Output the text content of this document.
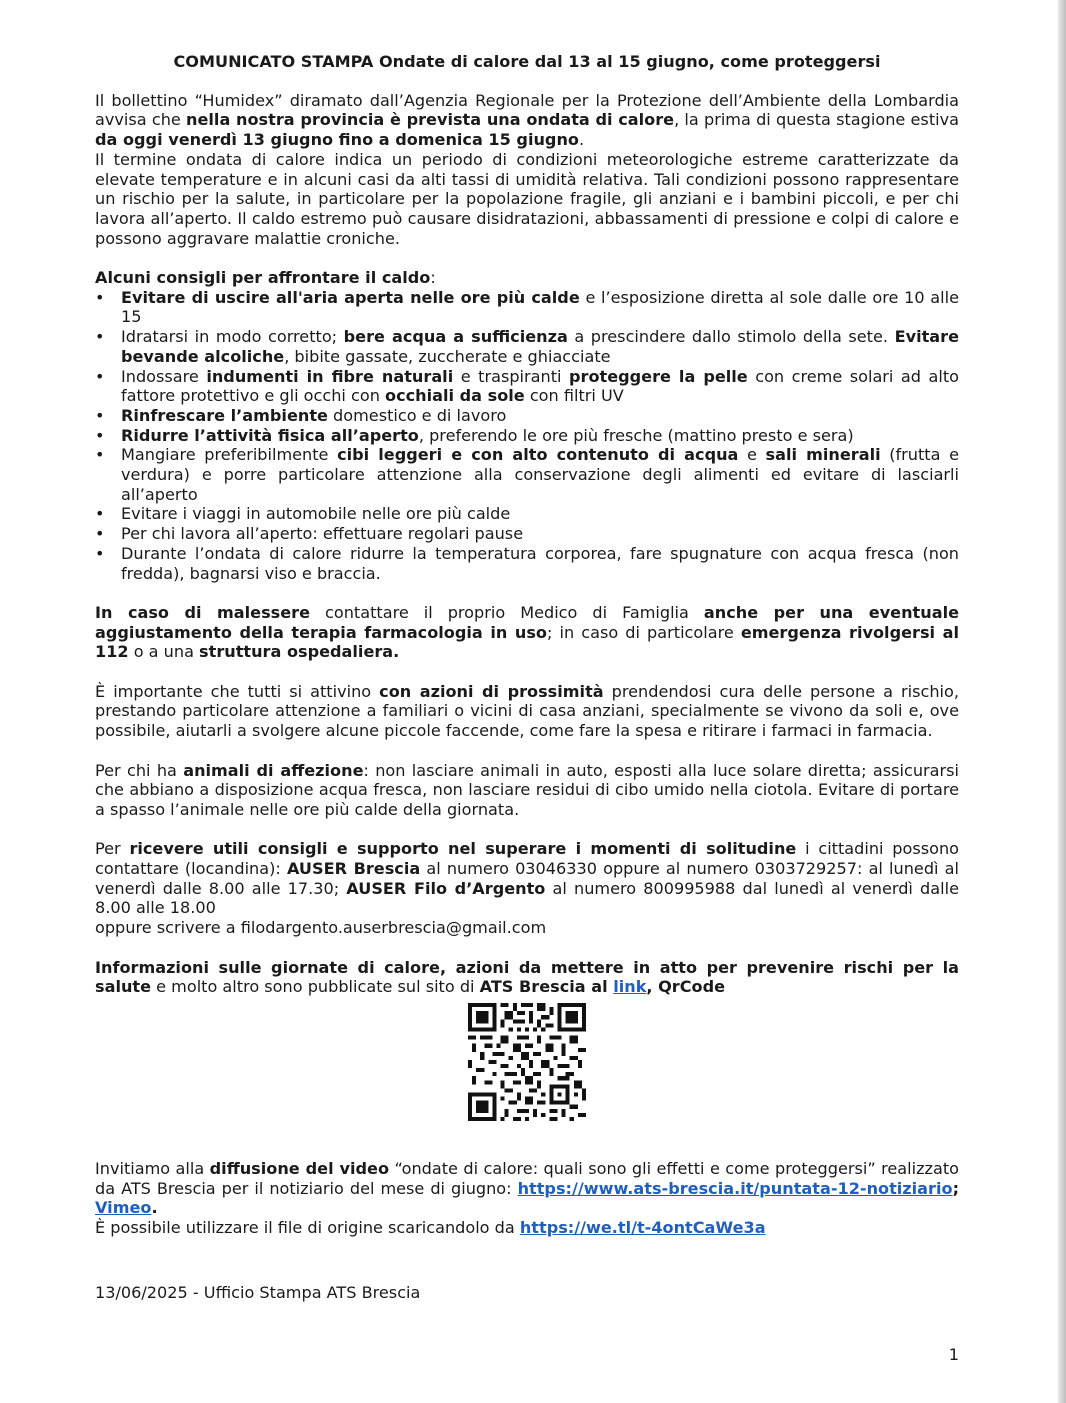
COMUNICATO STAMPA Ondate di calore dal 13 al 15 giugno, come proteggersi

Il bollettino “Humidex” diramato dall’Agenzia Regionale per la Protezione dell’Ambiente della Lombardia avvisa che nella nostra provincia è prevista una ondata di calore, la prima di questa stagione estiva da oggi venerdì 13 giugno fino a domenica 15 giugno.

Il termine ondata di calore indica un periodo di condizioni meteorologiche estreme caratterizzate da elevate temperature e in alcuni casi da alti tassi di umidità relativa. Tali condizioni possono rappresentare un rischio per la salute, in particolare per la popolazione fragile, gli anziani e i bambini piccoli, e per chi lavora all’aperto. Il caldo estremo può causare disidratazioni, abbassamenti di pressione e colpi di calore e possono aggravare malattie croniche.

Alcuni consigli per affrontare il caldo:

• Evitare di uscire all'aria aperta nelle ore più calde e l’esposizione diretta al sole dalle ore 10 alle 15
• Idratarsi in modo corretto; bere acqua a sufficienza a prescindere dallo stimolo della sete. Evitare bevande alcoliche, bibite gassate, zuccherate e ghiacciate
• Indossare indumenti in fibre naturali e traspiranti proteggere la pelle con creme solari ad alto fattore protettivo e gli occhi con occhiali da sole con filtri UV
• Rinfrescare l’ambiente domestico e di lavoro
• Ridurre l’attività fisica all’aperto, preferendo le ore più fresche (mattino presto e sera)
• Mangiare preferibilmente cibi leggeri e con alto contenuto di acqua e sali minerali (frutta e verdura) e porre particolare attenzione alla conservazione degli alimenti ed evitare di lasciarli all’aperto
• Evitare i viaggi in automobile nelle ore più calde
• Per chi lavora all’aperto: effettuare regolari pause
• Durante l’ondata di calore ridurre la temperatura corporea, fare spugnature con acqua fresca (non fredda), bagnarsi viso e braccia.

In caso di malessere contattare il proprio Medico di Famiglia anche per una eventuale aggiustamento della terapia farmacologia in uso; in caso di particolare emergenza rivolgersi al 112 o a una struttura ospedaliera.

È importante che tutti si attivino con azioni di prossimità prendendosi cura delle persone a rischio, prestando particolare attenzione a familiari o vicini di casa anziani, specialmente se vivono da soli e, ove possibile, aiutarli a svolgere alcune piccole faccende, come fare la spesa e ritirare i farmaci in farmacia.

Per chi ha animali di affezione: non lasciare animali in auto, esposti alla luce solare diretta; assicurarsi che abbiano a disposizione acqua fresca, non lasciare residui di cibo umido nella ciotola. Evitare di portare a spasso l’animale nelle ore più calde della giornata.

Per ricevere utili consigli e supporto nel superare i momenti di solitudine i cittadini possono contattare (locandina): AUSER Brescia al numero 03046330 oppure al numero 0303729257: al lunedì al venerdì dalle 8.00 alle 17.30; AUSER Filo d’Argento al numero 800995988 dal lunedì al venerdì dalle 8.00 alle 18.00

oppure scrivere a filodargento.auserbrescia@gmail.com

Informazioni sulle giornate di calore, azioni da mettere in atto per prevenire rischi per la salute e molto altro sono pubblicate sul sito di ATS Brescia al link, QrCode

Invitiamo alla diffusione del video “ondate di calore: quali sono gli effetti e come proteggersi” realizzato da ATS Brescia per il notiziario del mese di giugno: https://www.ats-brescia.it/puntata-12-notiziario; Vimeo.

È possibile utilizzare il file di origine scaricandolo da https://we.tl/t-4ontCaWe3a

13/06/2025 - Ufficio Stampa ATS Brescia
1
